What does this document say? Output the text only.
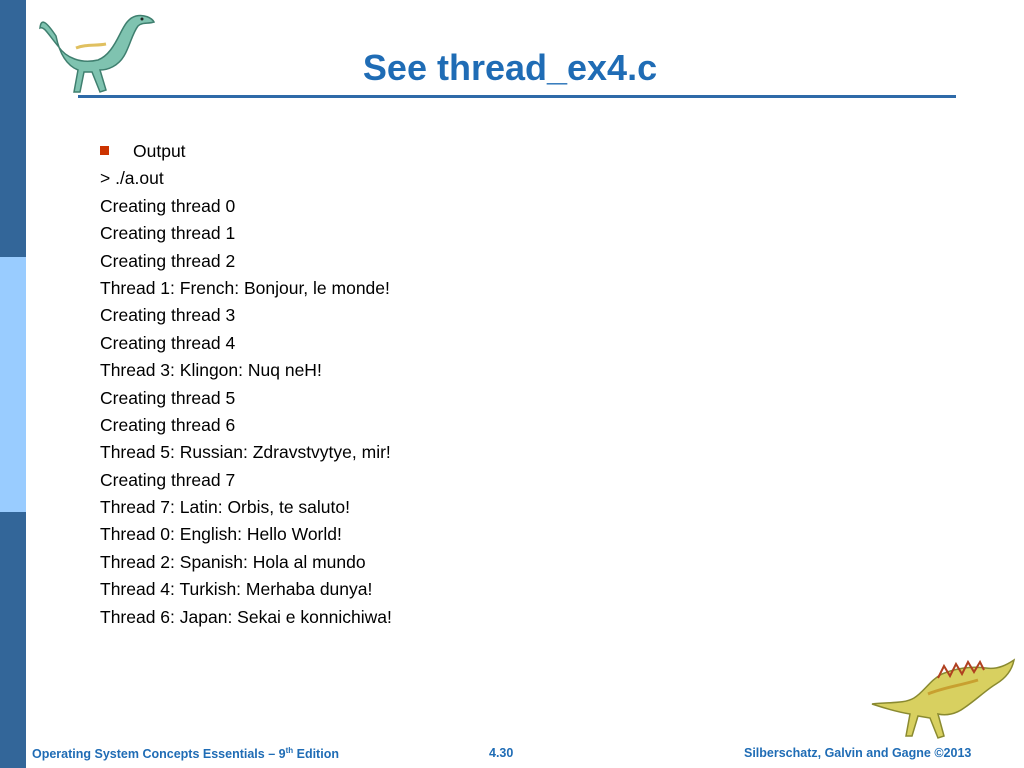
See thread_ex4.c
Output
> ./a.out
Creating thread 0
Creating thread 1
Creating thread 2
Thread 1: French: Bonjour, le monde!
Creating thread 3
Creating thread 4
Thread 3: Klingon: Nuq neH!
Creating thread 5
Creating thread 6
Thread 5: Russian: Zdravstvytye, mir!
Creating thread 7
Thread 7: Latin: Orbis, te saluto!
Thread 0: English: Hello World!
Thread 2: Spanish: Hola al mundo
Thread 4: Turkish: Merhaba dunya!
Thread 6: Japan: Sekai e konnichiwa!
Operating System Concepts Essentials – 9th Edition	4.30	Silberschatz, Galvin and Gagne ©2013
